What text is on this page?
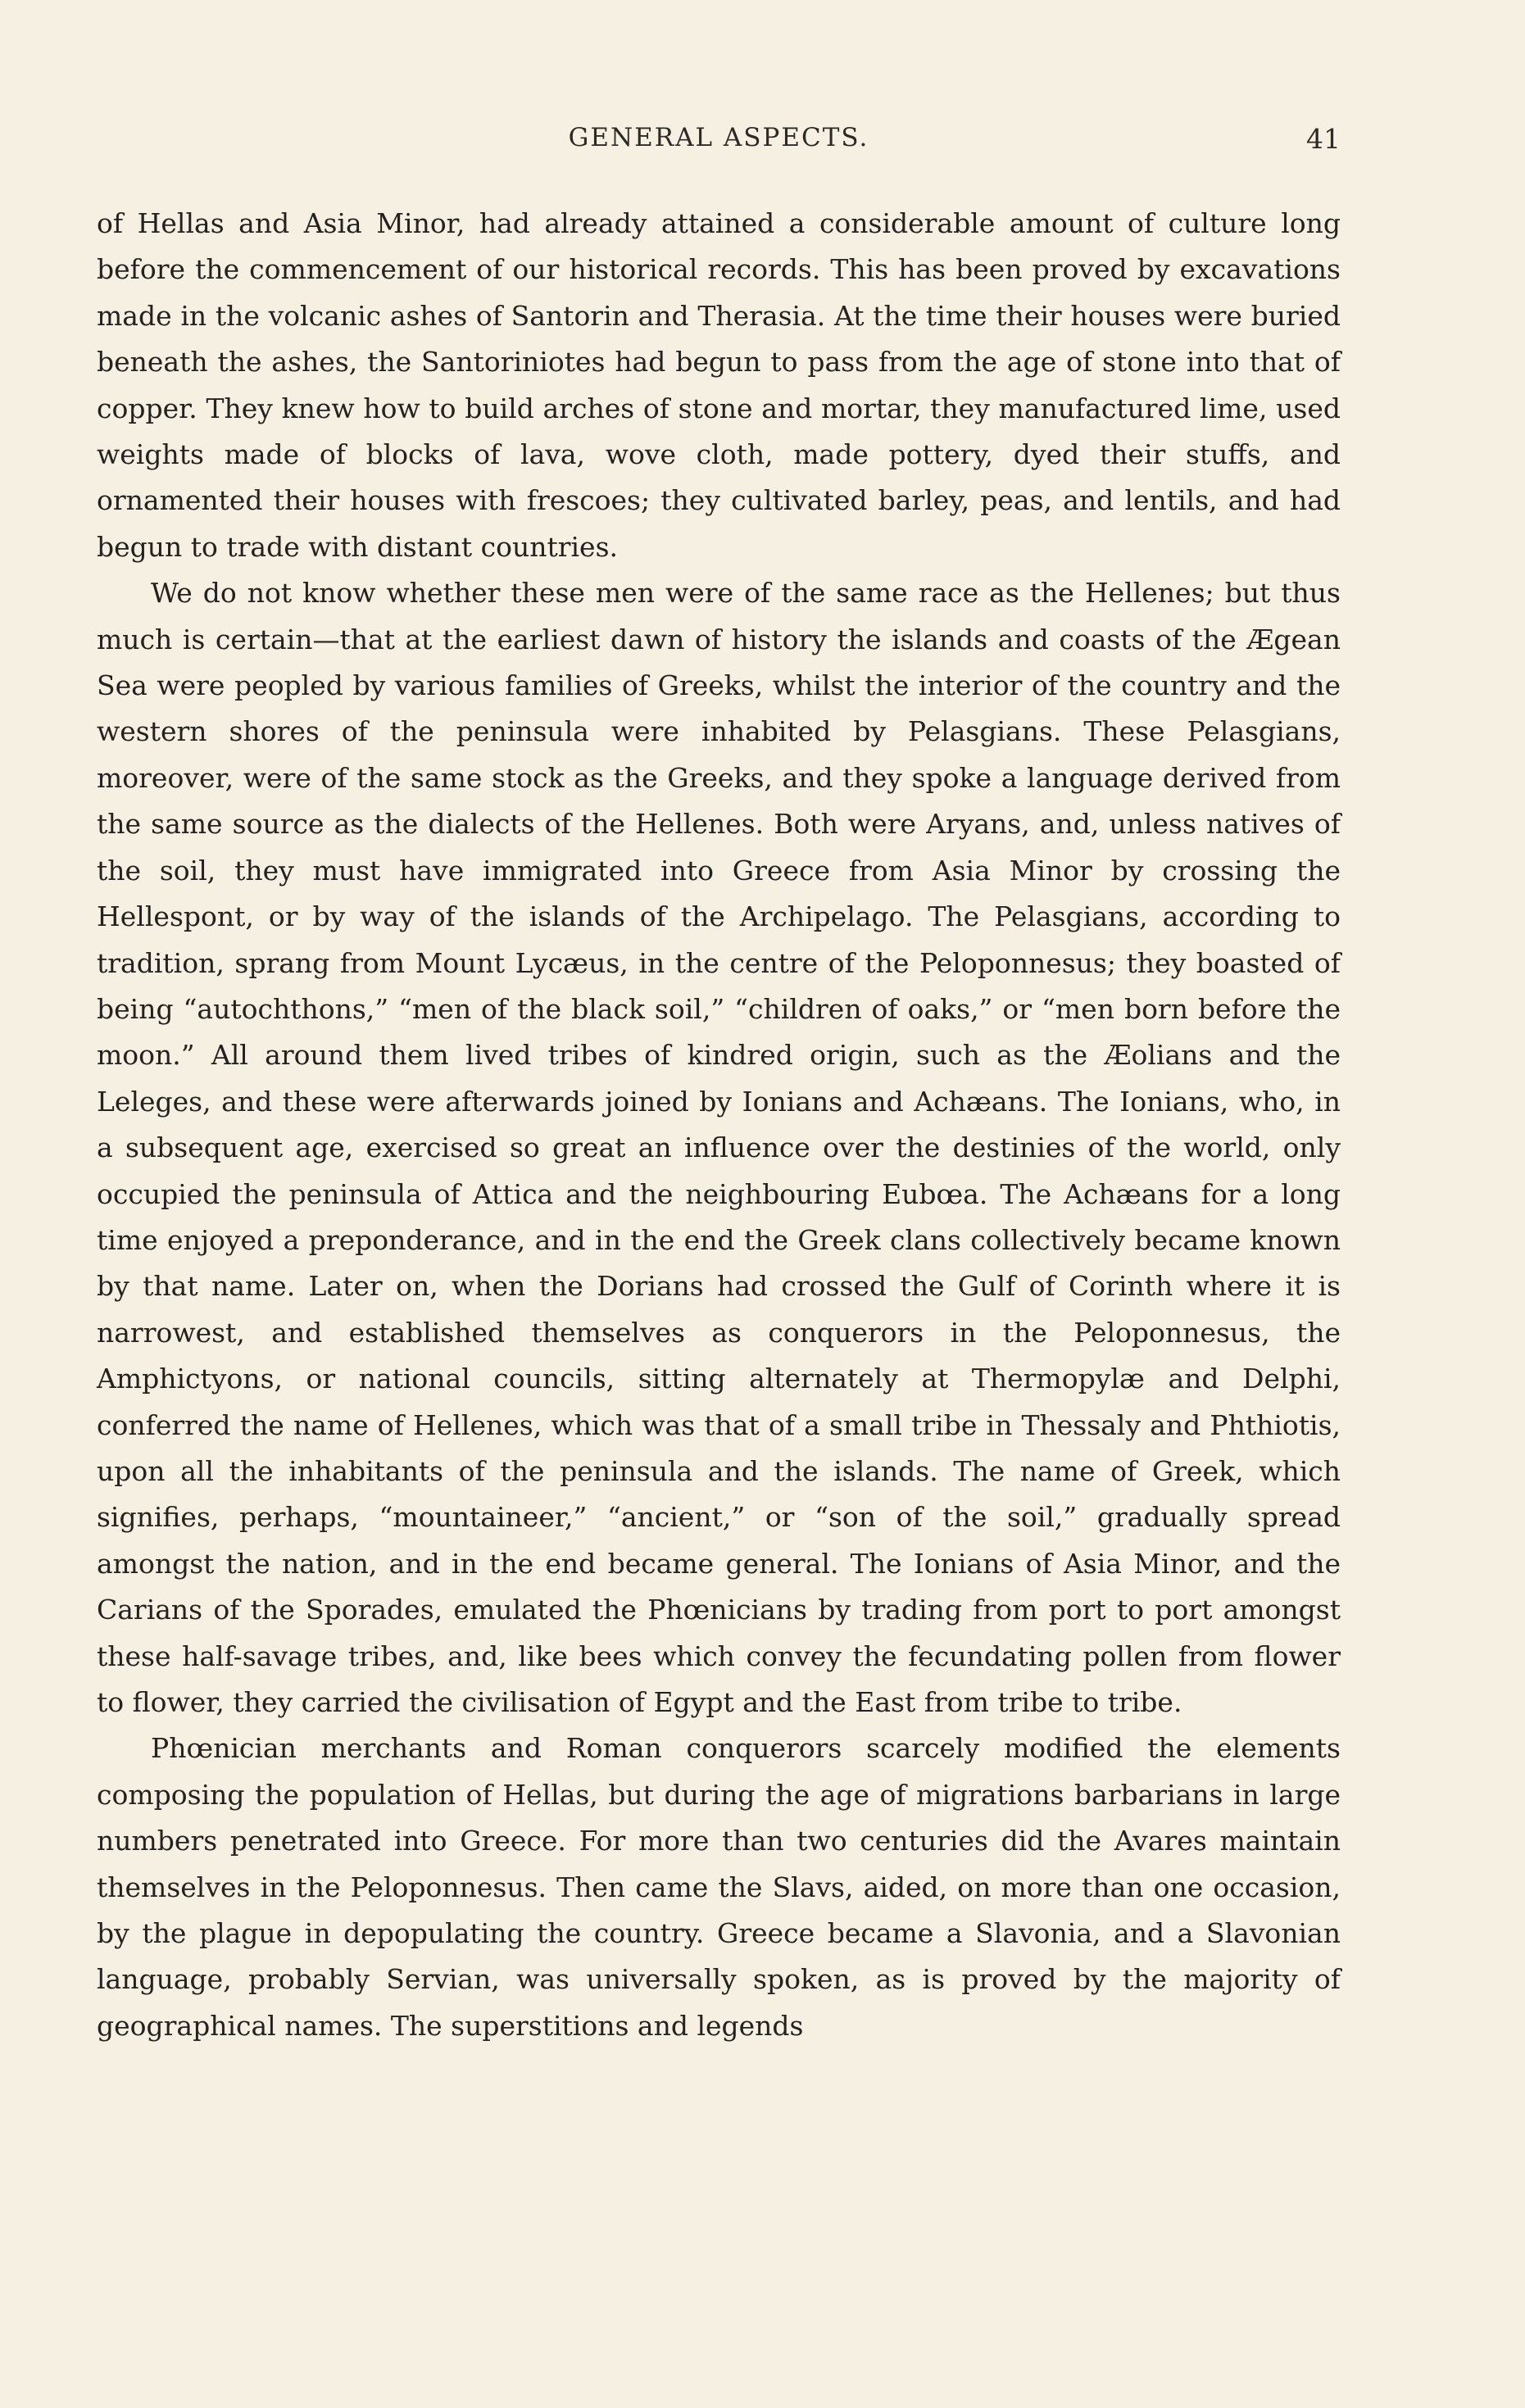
GENERAL ASPECTS.	41

of Hellas and Asia Minor, had already attained a considerable amount of culture long before the commencement of our historical records. This has been proved by excavations made in the volcanic ashes of Santorin and Therasia. At the time their houses were buried beneath the ashes, the Santoriniotes had begun to pass from the age of stone into that of copper. They knew how to build arches of stone and mortar, they manufactured lime, used weights made of blocks of lava, wove cloth, made pottery, dyed their stuffs, and ornamented their houses with frescoes; they cultivated barley, peas, and lentils, and had begun to trade with distant countries.

We do not know whether these men were of the same race as the Hellenes; but thus much is certain—that at the earliest dawn of history the islands and coasts of the Ægean Sea were peopled by various families of Greeks, whilst the interior of the country and the western shores of the peninsula were inhabited by Pelasgians. These Pelasgians, moreover, were of the same stock as the Greeks, and they spoke a language derived from the same source as the dialects of the Hellenes. Both were Aryans, and, unless natives of the soil, they must have immigrated into Greece from Asia Minor by crossing the Hellespont, or by way of the islands of the Archipelago. The Pelasgians, according to tradition, sprang from Mount Lycæus, in the centre of the Peloponnesus; they boasted of being “autochthons,” “men of the black soil,” “children of oaks,” or “men born before the moon.” All around them lived tribes of kindred origin, such as the Æolians and the Leleges, and these were afterwards joined by Ionians and Achæans. The Ionians, who, in a subsequent age, exercised so great an influence over the destinies of the world, only occupied the peninsula of Attica and the neighbouring Eubœa. The Achæans for a long time enjoyed a preponderance, and in the end the Greek clans collectively became known by that name. Later on, when the Dorians had crossed the Gulf of Corinth where it is narrowest, and established themselves as conquerors in the Peloponnesus, the Amphictyons, or national councils, sitting alternately at Thermopylæ and Delphi, conferred the name of Hellenes, which was that of a small tribe in Thessaly and Phthiotis, upon all the inhabitants of the peninsula and the islands. The name of Greek, which signifies, perhaps, “mountaineer,” “ancient,” or “son of the soil,” gradually spread amongst the nation, and in the end became general. The Ionians of Asia Minor, and the Carians of the Sporades, emulated the Phœnicians by trading from port to port amongst these half-savage tribes, and, like bees which convey the fecundating pollen from flower to flower, they carried the civilisation of Egypt and the East from tribe to tribe.

Phœnician merchants and Roman conquerors scarcely modified the elements composing the population of Hellas, but during the age of migrations barbarians in large numbers penetrated into Greece. For more than two centuries did the Avares maintain themselves in the Peloponnesus. Then came the Slavs, aided, on more than one occasion, by the plague in depopulating the country. Greece became a Slavonia, and a Slavonian language, probably Servian, was universally spoken, as is proved by the majority of geographical names. The superstitions and legends
